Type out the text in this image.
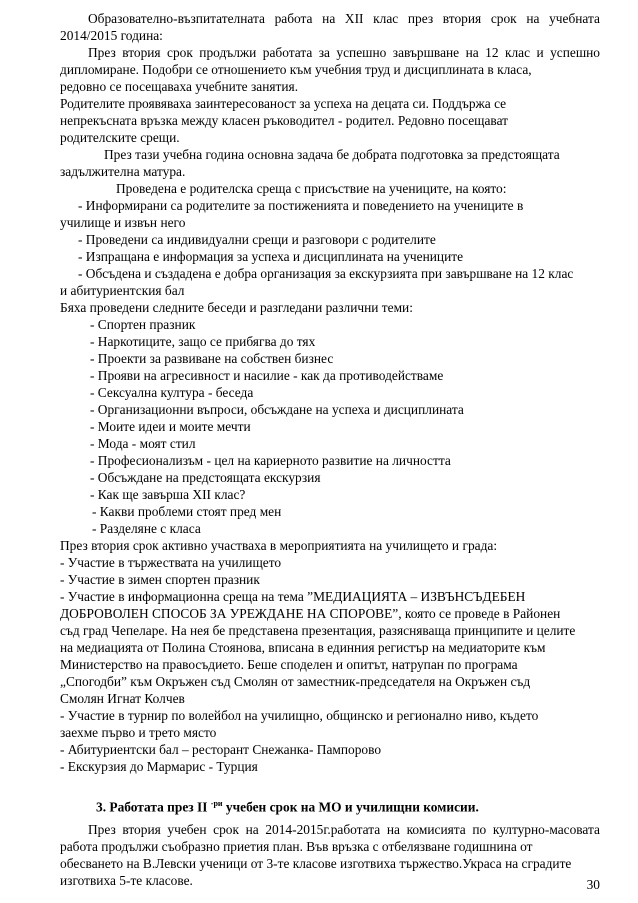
Образователно-възпитателната работа на XII клас през втория срок на учебната
2014/2015 година:
През втория срок продължи работата за успешно завършване на 12 клас и успешно
дипломиране. Подобри се отношението към учебния труд и дисциплината в класа,
редовно се посещаваха учебните занятия.
Родителите проявяваха заинтересованост за успеха на децата си. Поддържа се
непрекъсната връзка между класен ръководител - родител. Редовно посещават
родителските срещи.
През тази учебна година основна задача бе добрата подготовка за предстоящата
задължителна матура.
Проведена е родителска среща с присъствие на учениците, на която:
- Информирани са родителите за постиженията и поведението на учениците в
училище и извън него
- Проведени са индивидуални срещи и разговори с родителите
- Изпращана е информация за успеха и дисциплината на учениците
- Обсъдена и създадена е добра организация за екскурзията при завършване на 12 клас
и абитуриентския бал
Бяха проведени следните беседи и разгледани различни теми:
- Спортен празник
- Наркотиците, защо се прибягва до тях
- Проекти за развиване на собствен бизнес
- Прояви на агресивност и насилие - как да противодействаме
- Сексуална култура - беседа
- Организационни въпроси, обсъждане на успеха и дисциплината
- Моите идеи и моите мечти
- Мода - моят стил
- Професионализъм - цел на кариерното развитие на личността
- Обсъждане на предстоящата екскурзия
- Как ще завърша XII клас?
- Какви проблеми стоят пред мен
- Разделяне с класа
През втория срок активно участваха в мероприятията на училището и града:
- Участие в тържествата на училището
- Участие в зимен спортен празник
- Участие в информационна среща на тема ”МЕДИАЦИЯТА – ИЗВЪНСЪДЕБЕН
ДОБРОВОЛЕН СПОСОБ ЗА УРЕЖДАНЕ НА СПОРОВЕ”, която се проведе в Районен
съд град Чепеларе. На нея бе представена презентация, разясняваща принципите и целите
на медиацията от Полина Стоянова, вписана в единния регистър на медиаторите към
Министерство на правосъдието. Беше споделен и опитът, натрупан по програма
„Спогодби” към Окръжен съд Смолян от заместник-председателя на Окръжен съд
Смолян Игнат Колчев
- Участие в турнир по волейбол на училищно, общинско и регионално ниво, където
заехме първо и трето място
- Абитуриентски бал – ресторант Снежанка- Пампорово
- Екскурзия до Мармарис - Турция
3. Работата през II $^{-ри}$ учебен срок на МО и училищни комисии.
През втория учебен срок на 2014-2015г.работата на комисията по културно-масовата
работа продължи съобразно приетия план. Във връзка с отбелязване годишнина от
обесването на В.Левски ученици от 3-те класове изготвиха тържество.Украса на сградите
изготвиха 5-те класове.	30
